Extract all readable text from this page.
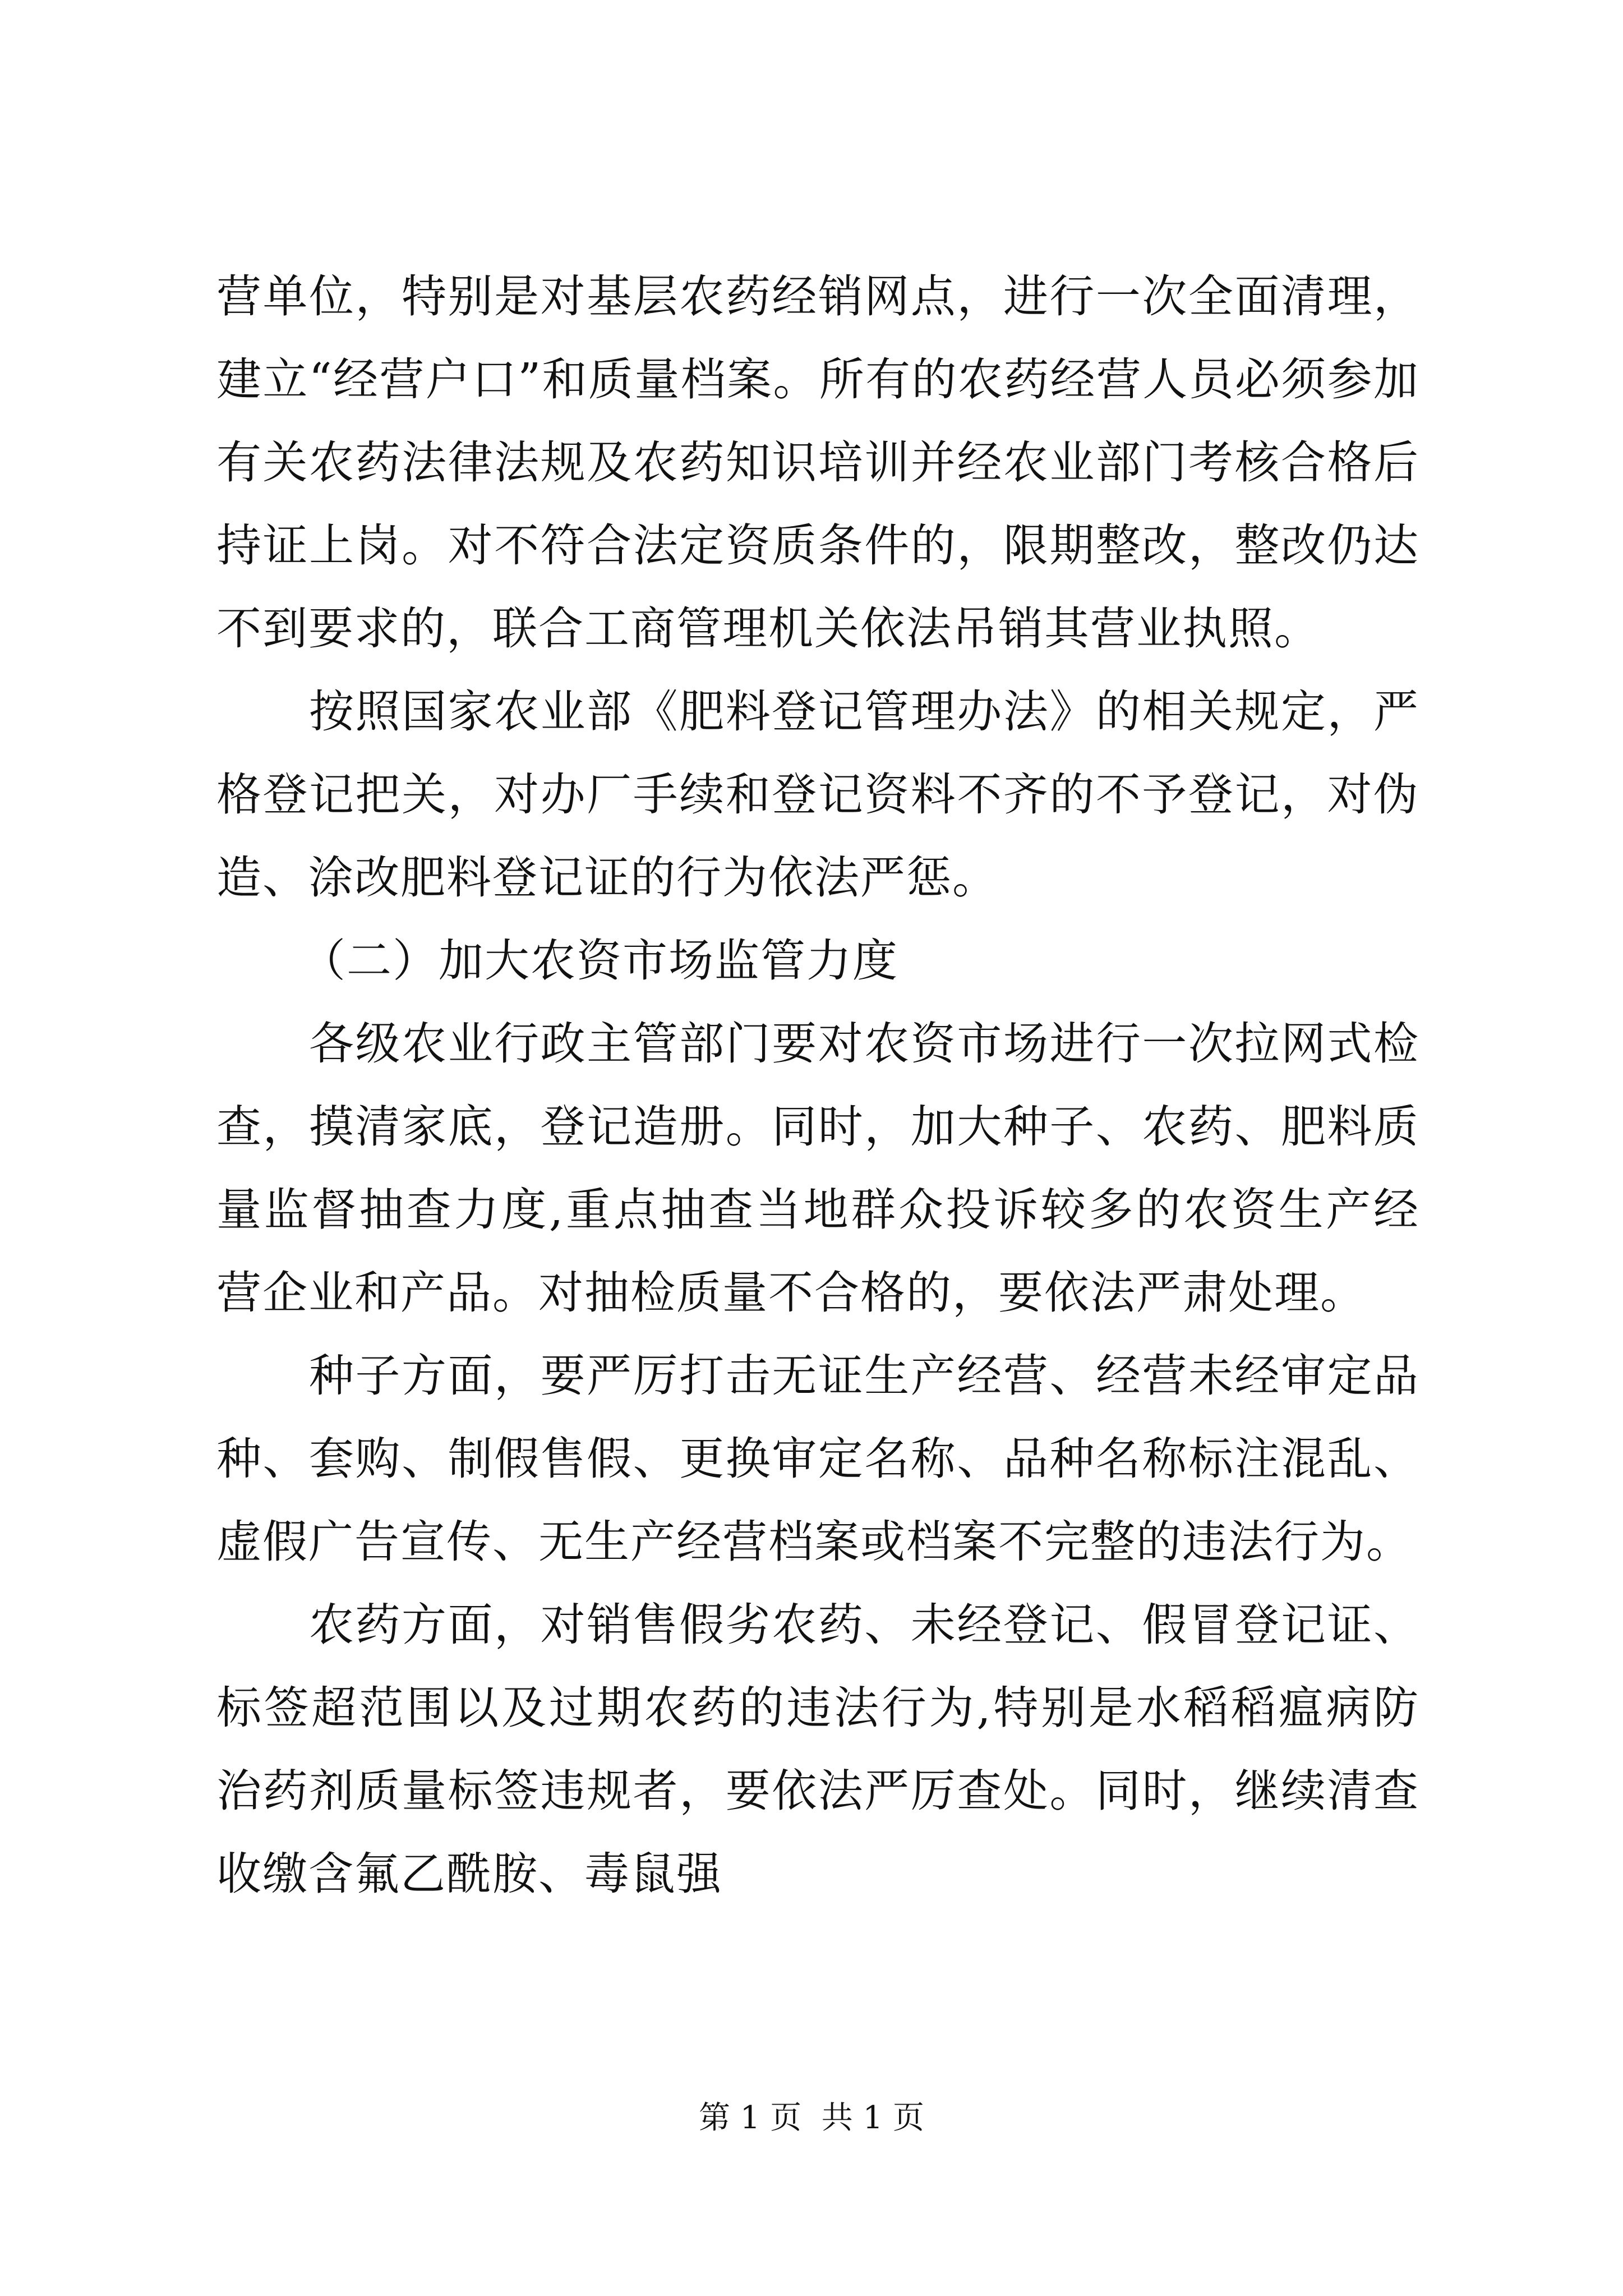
营单位，特别是对基层农药经销网点，进行一次全面清理，建立“经营户口”和质量档案。所有的农药经营人员必须参加有关农药法律法规及农药知识培训并经农业部门考核合格后持证上岗。对不符合法定资质条件的，限期整改，整改仍达不到要求的，联合工商管理机关依法吊销其营业执照。

按照国家农业部《肥料登记管理办法》的相关规定，严格登记把关，对办厂手续和登记资料不齐的不予登记，对伪造、涂改肥料登记证的行为依法严惩。

（二）加大农资市场监管力度

各级农业行政主管部门要对农资市场进行一次拉网式检查，摸清家底，登记造册。同时，加大种子、农药、肥料质量监督抽查力度,重点抽查当地群众投诉较多的农资生产经营企业和产品。对抽检质量不合格的，要依法严肃处理。

种子方面，要严厉打击无证生产经营、经营未经审定品种、套购、制假售假、更换审定名称、品种名称标注混乱、虚假广告宣传、无生产经营档案或档案不完整的违法行为。

农药方面，对销售假劣农药、未经登记、假冒登记证、标签超范围以及过期农药的违法行为,特别是水稻稻瘟病防治药剂质量标签违规者，要依法严厉查处。同时，继续清查收缴含氟乙酰胺、毒鼠强

第 1 页  共 1 页
